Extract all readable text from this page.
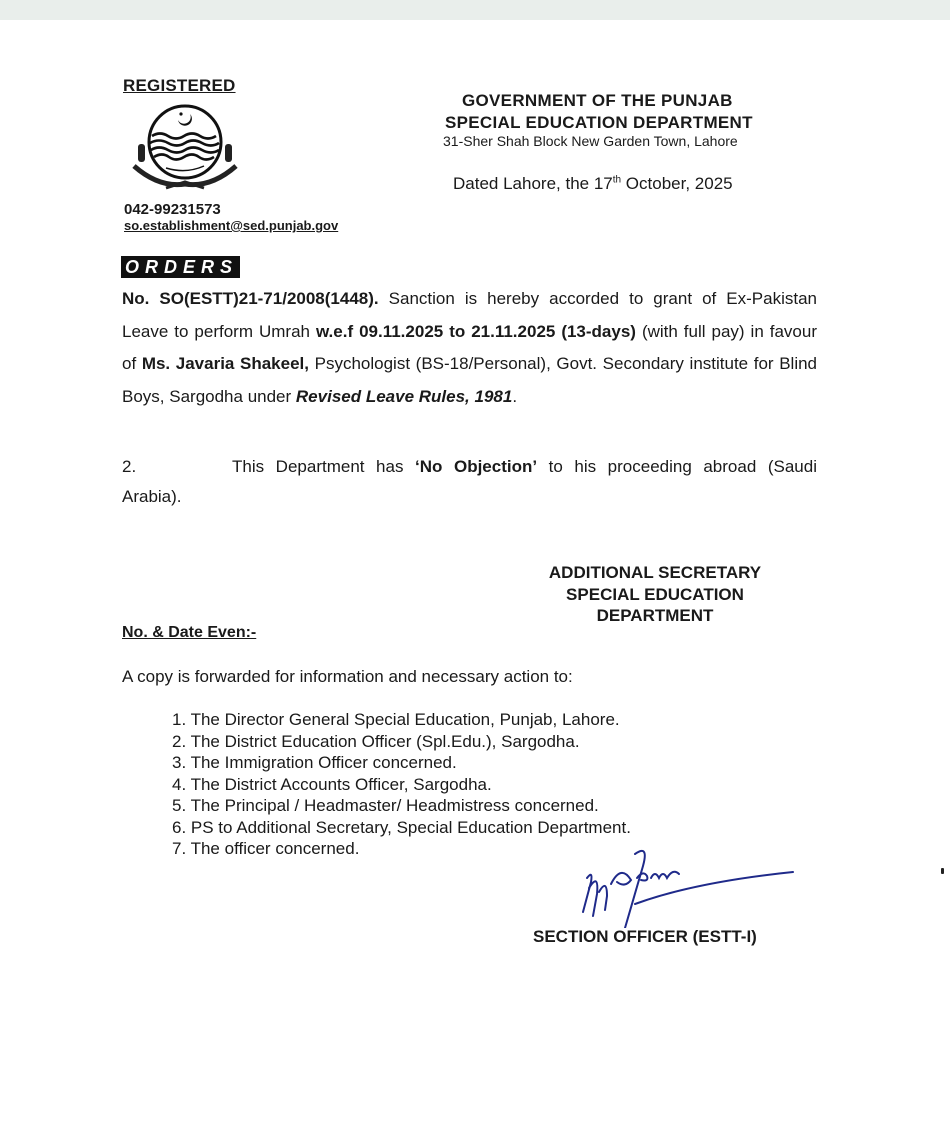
REGISTERED
042-99231573
so.establishment@sed.punjab.gov
GOVERNMENT OF THE PUNJAB
SPECIAL EDUCATION DEPARTMENT
31-Sher Shah Block New Garden Town, Lahore
Dated Lahore, the 17th October, 2025
ORDERS
No. SO(ESTT)21-71/2008(1448). Sanction is hereby accorded to grant of Ex-Pakistan Leave to perform Umrah w.e.f 09.11.2025 to 21.11.2025 (13-days) (with full pay) in favour of Ms. Javaria Shakeel, Psychologist (BS-18/Personal), Govt. Secondary institute for Blind Boys, Sargodha under Revised Leave Rules, 1981.
2.	This Department has ‘No Objection’ to his proceeding abroad (Saudi Arabia).
ADDITIONAL SECRETARY
SPECIAL EDUCATION
DEPARTMENT
No. & Date Even:-
A copy is forwarded for information and necessary action to:
1. The Director General Special Education, Punjab, Lahore.
2. The District Education Officer (Spl.Edu.), Sargodha.
3. The Immigration Officer concerned.
4. The District Accounts Officer, Sargodha.
5. The Principal / Headmaster/ Headmistress concerned.
6. PS to Additional Secretary, Special Education Department.
7. The officer concerned.
SECTION OFFICER (ESTT-I)
